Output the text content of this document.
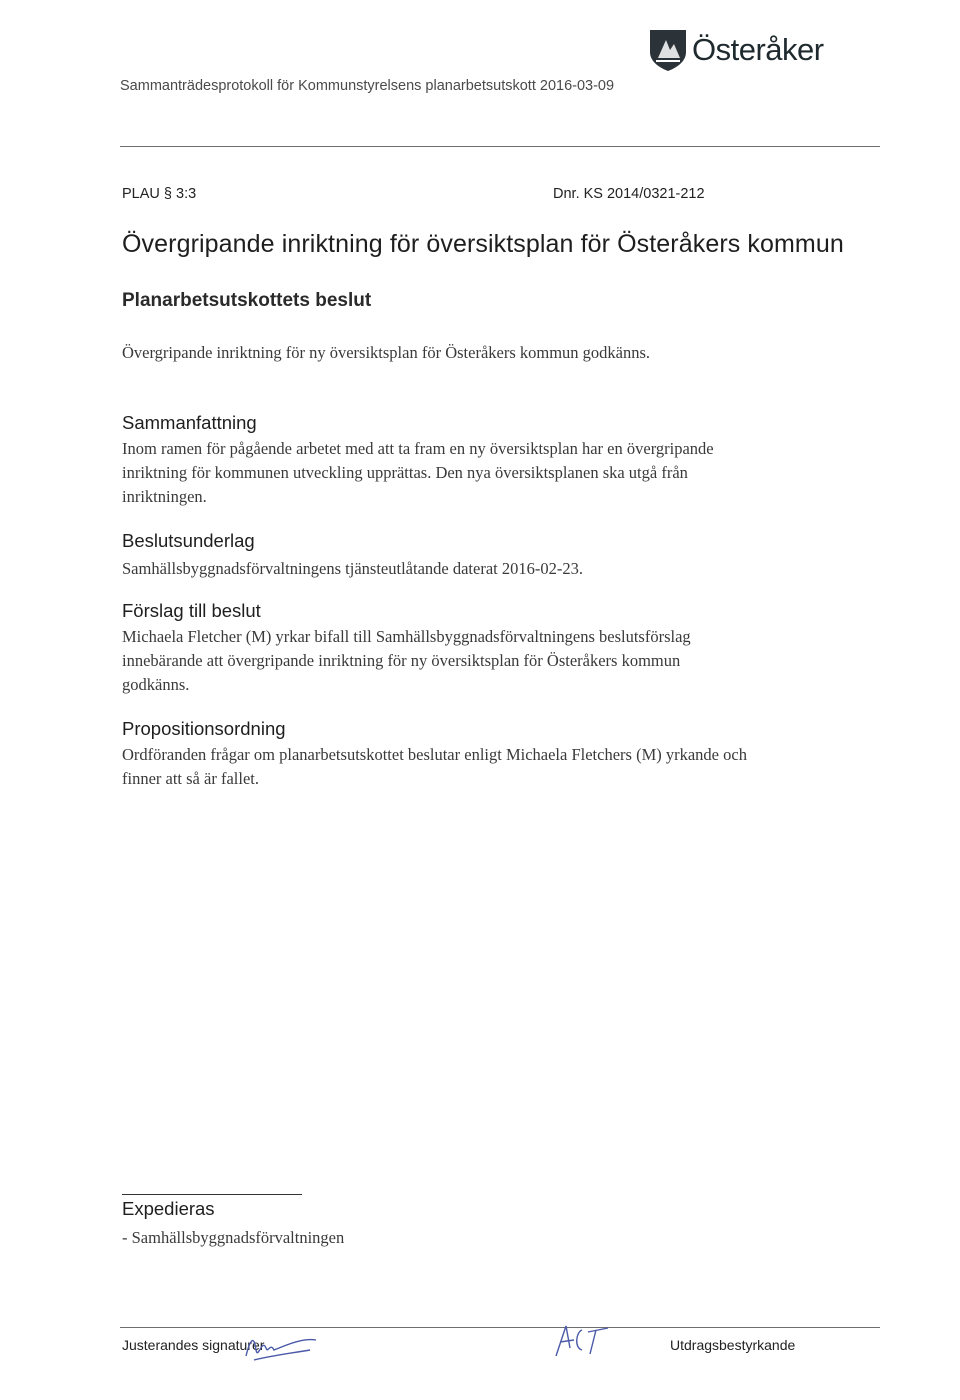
Österåker
Sammanträdesprotokoll för Kommunstyrelsens planarbetsutskott 2016-03-09
PLAU § 3:3	Dnr. KS 2014/0321-212
Övergripande inriktning för översiktsplan för Österåkers kommun
Planarbetsutskottets beslut
Övergripande inriktning för ny översiktsplan för Österåkers kommun godkänns.
Sammanfattning
Inom ramen för pågående arbetet med att ta fram en ny översiktsplan har en övergripande
inriktning för kommunen utveckling upprättas. Den nya översiktsplanen ska utgå från
inriktningen.
Beslutsunderlag
Samhällsbyggnadsförvaltningens tjänsteutlåtande daterat 2016-02-23.
Förslag till beslut
Michaela Fletcher (M) yrkar bifall till Samhällsbyggnadsförvaltningens beslutsförslag
innebärande att övergripande inriktning för ny översiktsplan för Österåkers kommun
godkänns.
Propositionsordning
Ordföranden frågar om planarbetsutskottet beslutar enligt Michaela Fletchers (M) yrkande och
finner att så är fallet.
Expedieras
- Samhällsbyggnadsförvaltningen
Justerandes signaturer	Utdragsbestyrkande
